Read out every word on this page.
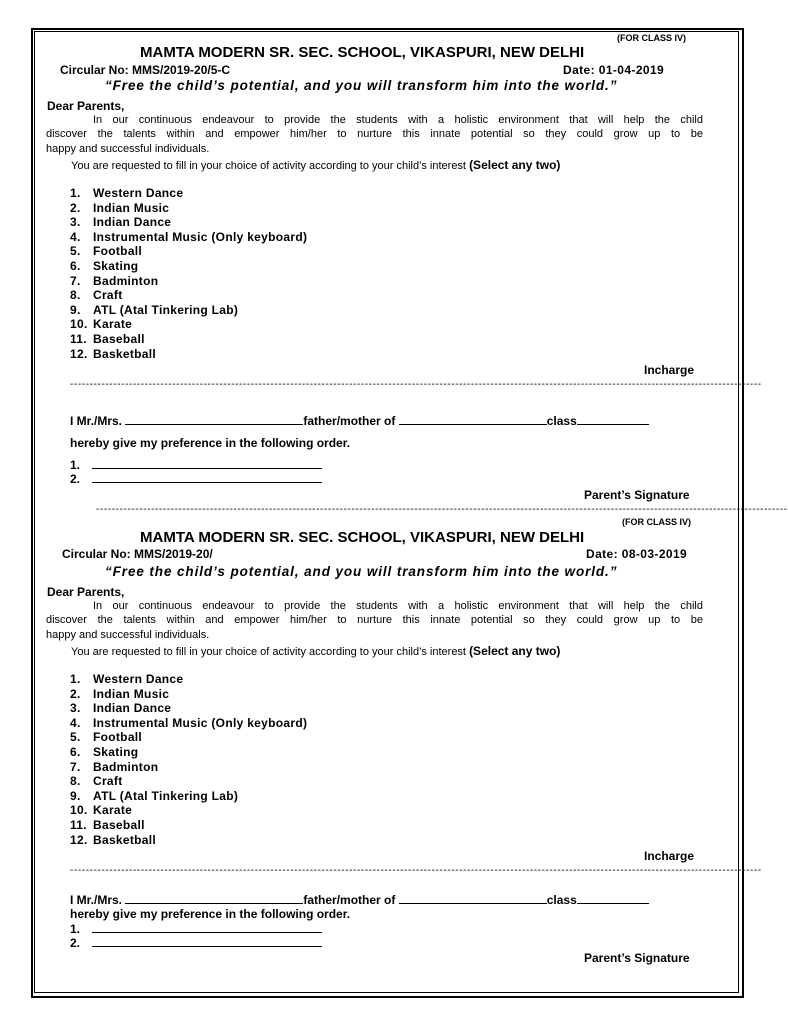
(FOR CLASS IV)
MAMTA MODERN SR. SEC. SCHOOL, VIKASPURI, NEW DELHI
Circular No: MMS/2019-20/5-C	Date: 01-04-2019
“Free the child’s potential, and you will transform him into the world.”
Dear Parents,
In our continuous endeavour to provide the students with a holistic environment that will help the child
discover the talents within and empower him/her to nurture this innate potential so they could grow up to be
happy and successful individuals.
You are requested to fill in your choice of activity according to your child’s interest (Select any two)
1. Western Dance
2. Indian Music
3. Indian Dance
4. Instrumental Music (Only keyboard)
5. Football
6. Skating
7. Badminton
8. Craft
9. ATL (Atal Tinkering Lab)
10. Karate
11. Baseball
12. Basketball
Incharge
--------------------------------------------------------------------------------------------------------------------------------------------------------------------------------
I Mr./Mrs.	father/mother of	class
hereby give my preference in the following order.
1.
2.
Parent’s Signature
--------------------------------------------------------------------------------------------------------------------------------------------------------------------------------
(FOR CLASS IV)
MAMTA MODERN SR. SEC. SCHOOL, VIKASPURI, NEW DELHI
Circular No: MMS/2019-20/	Date: 08-03-2019
“Free the child’s potential, and you will transform him into the world.”
Dear Parents,
In our continuous endeavour to provide the students with a holistic environment that will help the child
discover the talents within and empower him/her to nurture this innate potential so they could grow up to be
happy and successful individuals.
You are requested to fill in your choice of activity according to your child’s interest (Select any two)
1. Western Dance
2. Indian Music
3. Indian Dance
4. Instrumental Music (Only keyboard)
5. Football
6. Skating
7. Badminton
8. Craft
9. ATL (Atal Tinkering Lab)
10. Karate
11. Baseball
12. Basketball
Incharge
--------------------------------------------------------------------------------------------------------------------------------------------------------------------------------
I Mr./Mrs.	father/mother of	class
hereby give my preference in the following order.
1.
2.
Parent’s Signature
